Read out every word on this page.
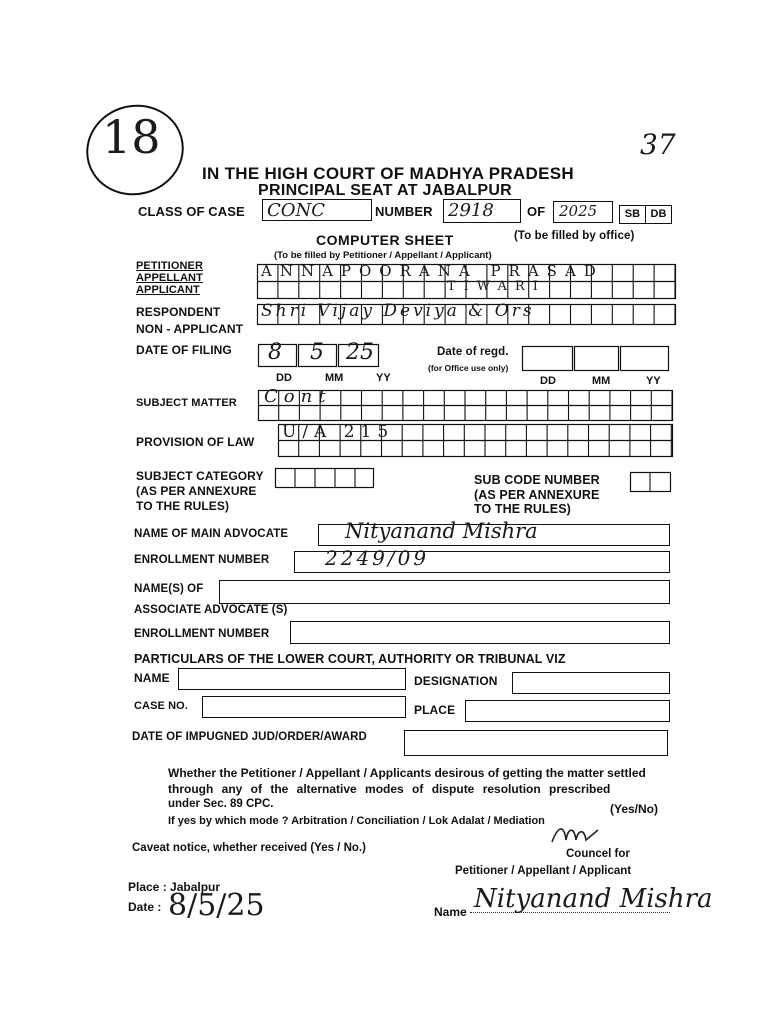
18	37
IN THE HIGH COURT OF MADHYA PRADESH
PRINCIPAL SEAT AT JABALPUR
CLASS OF CASE CONC	NUMBER 2918	OF 2025	SB DB
COMPUTER SHEET	(To be filled by office)
(To be filled by Petitioner / Appellant / Applicant)
PETITIONER
APPELLANT
APPLICANT
ANNAPOORANA PRASAD
TIWARI
RESPONDENT
NON - APPLICANT
Shri Vijay Deviya & Ors
DATE OF FILING 8 5 25
DD	MM	YY
Date of regd.
(for Office use only)
DD	MM	YY
SUBJECT MATTER Cont
PROVISION OF LAW U/A 215
SUBJECT CATEGORY
(AS PER ANNEXURE
TO THE RULES)
SUB CODE NUMBER
(AS PER ANNEXURE
TO THE RULES)
NAME OF MAIN ADVOCATE	Nityanand Mishra
ENROLLMENT NUMBER	2249/09
NAME(S) OF
ASSOCIATE ADVOCATE (S)
ENROLLMENT NUMBER
PARTICULARS OF THE LOWER COURT, AUTHORITY OR TRIBUNAL VIZ
NAME	DESIGNATION
CASE NO.	PLACE
DATE OF IMPUGNED JUD/ORDER/AWARD
Whether the Petitioner / Appellant / Applicants desirous of getting the matter settled
through any of the alternative modes of dispute resolution prescribed
under Sec. 89 CPC.	(Yes/No)
If yes by which mode ? Arbitration / Conciliation / Lok Adalat / Mediation
Caveat notice, whether received (Yes / No.)	Councel for
Petitioner / Appellant / Applicant
Place : Jabalpur
Date : 8/5/25	Name Nityanand Mishra
